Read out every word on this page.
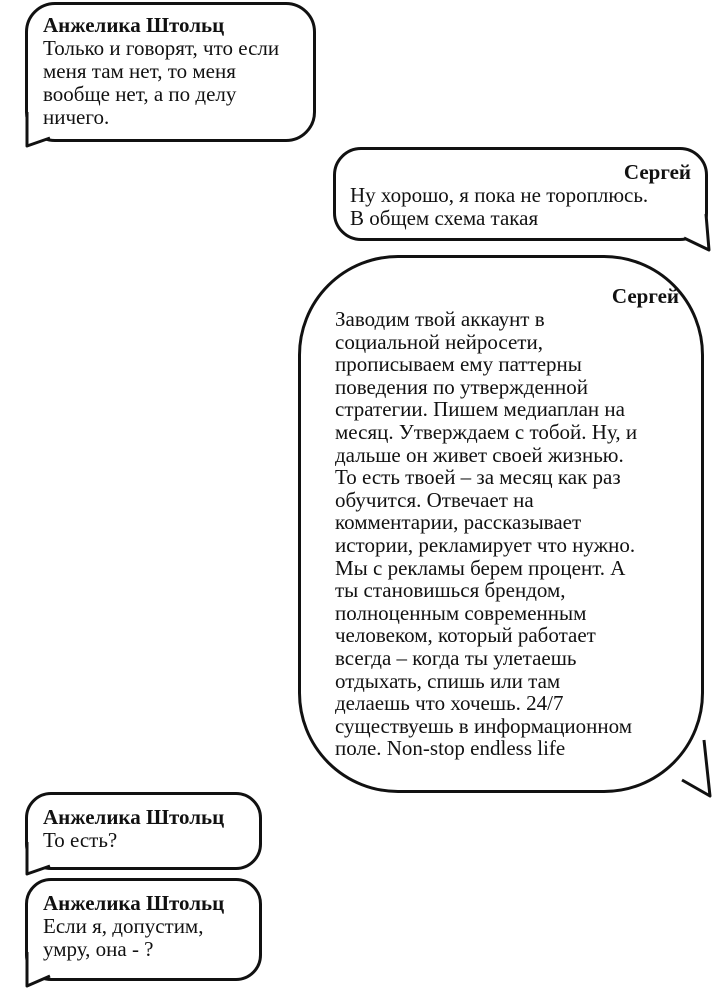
Анжелика Штольц
Только и говорят, что если
меня там нет, то меня
вообще нет, а по делу
ничего.
Сергей
Ну хорошо, я пока не тороплюсь.
В общем схема такая
Сергей
Заводим твой аккаунт в
социальной нейросети,
прописываем ему паттерны
поведения по утвержденной
стратегии. Пишем медиаплан на
месяц. Утверждаем с тобой. Ну, и
дальше он живет своей жизнью.
То есть твоей – за месяц как раз
обучится. Отвечает на
комментарии, рассказывает
истории, рекламирует что нужно.
Мы с рекламы берем процент. А
ты становишься брендом,
полноценным современным
человеком, который работает
всегда – когда ты улетаешь
отдыхать, спишь или там
делаешь что хочешь. 24/7
существуешь в информационном
поле. Non-stop endless life
Анжелика Штольц
То есть?
Анжелика Штольц
Если я, допустим,
умру, она - ?
